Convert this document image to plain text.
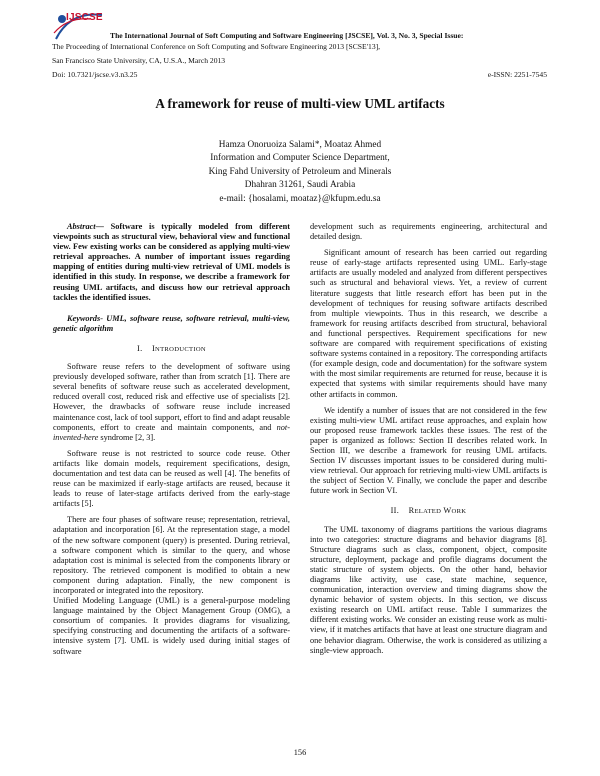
IJSCSE
The International Journal of Soft Computing and Software Engineering [JSCSE], Vol. 3, No. 3, Special Issue:
The Proceeding of International Conference on Soft Computing and Software Engineering 2013 [SCSE'13],
San Francisco State University, CA, U.S.A., March 2013
Doi: 10.7321/jscse.v3.n3.25	e-ISSN: 2251-7545
A framework for reuse of multi-view UML artifacts
Hamza Onoruoiza Salami*, Moataz Ahmed
Information and Computer Science Department,
King Fahd University of Petroleum and Minerals
Dhahran 31261, Saudi Arabia
e-mail: {hosalami, moataz}@kfupm.edu.sa

Abstract— Software is typically modeled from different viewpoints such as structural view, behavioral view and functional view. Few existing works can be considered as applying multi-view retrieval approaches. A number of important issues regarding mapping of entities during multi-view retrieval of UML models is identified in this study. In response, we describe a framework for reusing UML artifacts, and discuss how our retrieval approach tackles the identified issues.

Keywords- UML, software reuse, software retrieval, multi-view, genetic algorithm

I. INTRODUCTION

Software reuse refers to the development of software using previously developed software, rather than from scratch [1]. There are several benefits of software reuse such as accelerated development, reduced overall cost, reduced risk and effective use of specialists [2]. However, the drawbacks of software reuse include increased maintenance cost, lack of tool support, effort to find and adapt reusable components, effort to create and maintain components, and not-invented-here syndrome [2, 3].

Software reuse is not restricted to source code reuse. Other artifacts like domain models, requirement specifications, design, documentation and test data can be reused as well [4]. The benefits of reuse can be maximized if early-stage artifacts are reused, because it leads to reuse of later-stage artifacts derived from the early-stage artifacts [5].

There are four phases of software reuse; representation, retrieval, adaptation and incorporation [6]. At the representation stage, a model of the new software component (query) is presented. During retrieval, a software component which is similar to the query, and whose adaptation cost is minimal is selected from the components library or repository. The retrieved component is modified to obtain a new component during adaptation. Finally, the new component is incorporated or integrated into the repository.

Unified Modeling Language (UML) is a general-purpose modeling language maintained by the Object Management Group (OMG), a consortium of companies. It provides diagrams for visualizing, specifying constructing and documenting the artifacts of a software-intensive system [7]. UML is widely used during initial stages of software

development such as requirements engineering, architectural and detailed design.

Significant amount of research has been carried out regarding reuse of early-stage artifacts represented using UML. Early-stage artifacts are usually modeled and analyzed from different perspectives such as structural and behavioral views. Yet, a review of current literature suggests that little research effort has been put in the development of techniques for reusing software artifacts described from multiple viewpoints. Thus in this research, we describe a framework for reusing artifacts described from structural, behavioral and functional perspectives. Requirement specifications for new software are compared with requirement specifications of existing software systems contained in a repository. The corresponding artifacts (for example design, code and documentation) for the software system with the most similar requirements are returned for reuse, because it is expected that systems with similar requirements should have many other artifacts in common.

We identify a number of issues that are not considered in the few existing multi-view UML artifact reuse approaches, and explain how our proposed reuse framework tackles these issues. The rest of the paper is organized as follows: Section II describes related work. In Section III, we describe a framework for reusing UML artifacts. Section IV discusses important issues to be considered during multi-view retrieval. Our approach for retrieving multi-view UML artifacts is the subject of Section V. Finally, we conclude the paper and describe future work in Section VI.

II. RELATED WORK

The UML taxonomy of diagrams partitions the various diagrams into two categories: structure diagrams and behavior diagrams [8]. Structure diagrams such as class, component, object, composite structure, deployment, package and profile diagrams document the static structure of system objects. On the other hand, behavior diagrams like activity, use case, state machine, sequence, communication, interaction overview and timing diagrams show the dynamic behavior of system objects. In this section, we discuss existing research on UML artifact reuse. Table I summarizes the different existing works. We consider an existing reuse work as multi-view, if it matches artifacts that have at least one structure diagram and one behavior diagram. Otherwise, the work is considered as utilizing a single-view approach.

156
